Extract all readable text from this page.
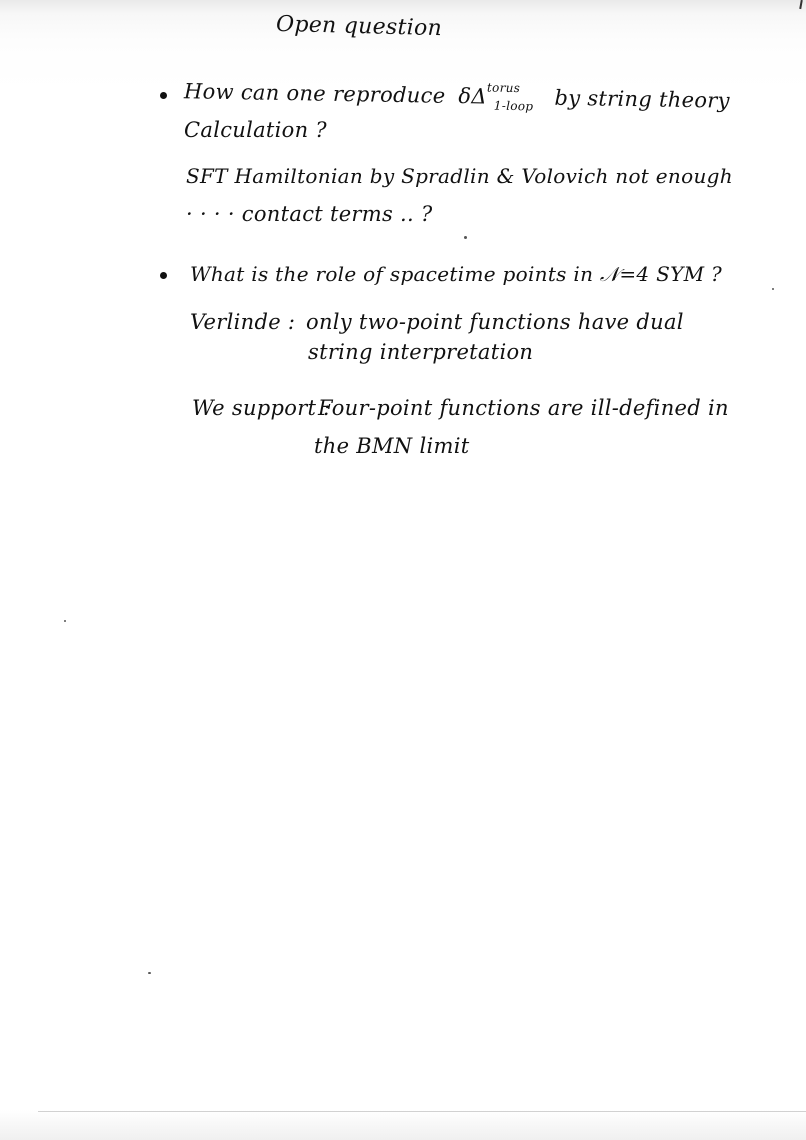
Open question
How can one reproduce $\delta\Delta^{torus}_{1-loop}$ by string theory
Calculation ?
SFT Hamiltonian by Spradlin & Volovich not enough
· · · · contact terms .. ?
What is the role of spacetime points in 𝒩=4 SYM ?
Verlinde : only two-point functions have dual
string interpretation
We support :
Four-point functions are ill-defined in
the BMN limit
